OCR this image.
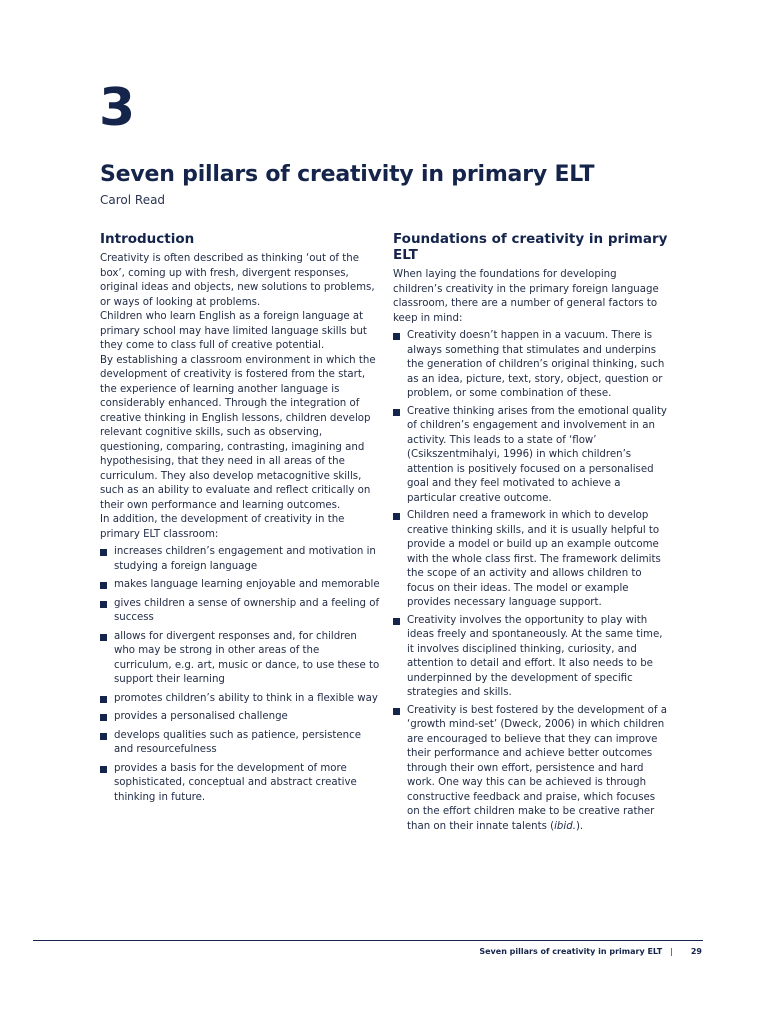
3
Seven pillars of creativity in primary ELT
Carol Read
Introduction

Creativity is often described as thinking ‘out of the box’, coming up with fresh, divergent responses, original ideas and objects, new solutions to problems, or ways of looking at problems.

Children who learn English as a foreign language at primary school may have limited language skills but they come to class full of creative potential.

By establishing a classroom environment in which the development of creativity is fostered from the start, the experience of learning another language is considerably enhanced. Through the integration of creative thinking in English lessons, children develop relevant cognitive skills, such as observing, questioning, comparing, contrasting, imagining and hypothesising, that they need in all areas of the curriculum. They also develop metacognitive skills, such as an ability to evaluate and reflect critically on their own performance and learning outcomes.

In addition, the development of creativity in the primary ELT classroom:

increases children’s engagement and motivation in studying a foreign language
makes language learning enjoyable and memorable
gives children a sense of ownership and a feeling of success
allows for divergent responses and, for children who may be strong in other areas of the curriculum, e.g. art, music or dance, to use these to support their learning
promotes children’s ability to think in a flexible way
provides a personalised challenge
develops qualities such as patience, persistence and resourcefulness
provides a basis for the development of more sophisticated, conceptual and abstract creative thinking in future.
Foundations of creativity in primary ELT

When laying the foundations for developing children’s creativity in the primary foreign language classroom, there are a number of general factors to keep in mind:

Creativity doesn’t happen in a vacuum. There is always something that stimulates and underpins the generation of children’s original thinking, such as an idea, picture, text, story, object, question or problem, or some combination of these.
Creative thinking arises from the emotional quality of children’s engagement and involvement in an activity. This leads to a state of ‘flow’ (Csikszentmihalyi, 1996) in which children’s attention is positively focused on a personalised goal and they feel motivated to achieve a particular creative outcome.
Children need a framework in which to develop creative thinking skills, and it is usually helpful to provide a model or build up an example outcome with the whole class first. The framework delimits the scope of an activity and allows children to focus on their ideas. The model or example provides necessary language support.
Creativity involves the opportunity to play with ideas freely and spontaneously. At the same time, it involves disciplined thinking, curiosity, and attention to detail and effort. It also needs to be underpinned by the development of specific strategies and skills.
Creativity is best fostered by the development of a ‘growth mind-set’ (Dweck, 2006) in which children are encouraged to believe that they can improve their performance and achieve better outcomes through their own effort, persistence and hard work. One way this can be achieved is through constructive feedback and praise, which focuses on the effort children make to be creative rather than on their innate talents (ibid.).
Seven pillars of creativity in primary ELT | 29
